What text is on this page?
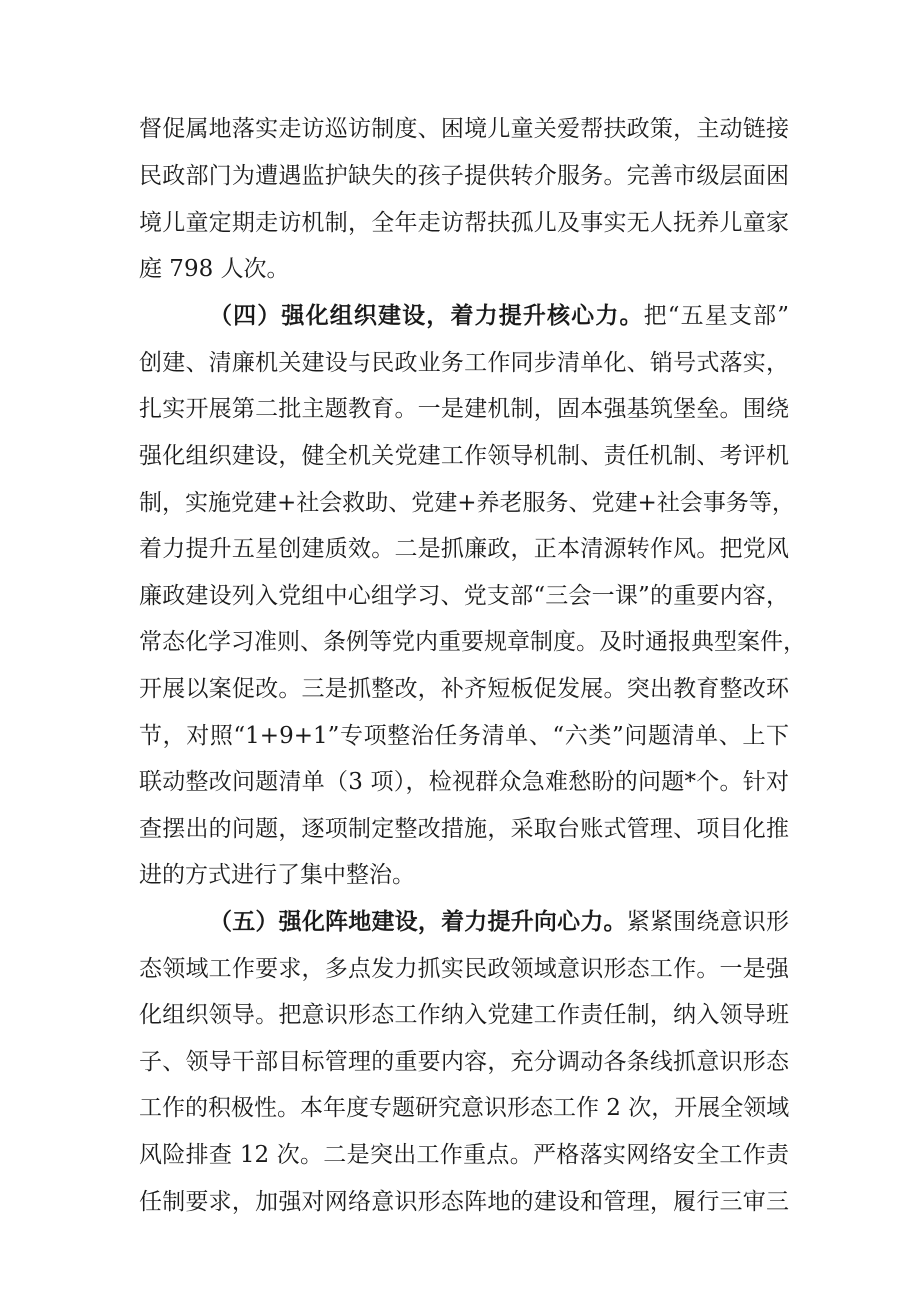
督促属地落实走访巡访制度、困境儿童关爱帮扶政策，主动链接
民政部门为遭遇监护缺失的孩子提供转介服务。完善市级层面困
境儿童定期走访机制，全年走访帮扶孤儿及事实无人抚养儿童家
庭 798 人次。
（四）强化组织建设，着力提升核心力。把“五星支部”
创建、清廉机关建设与民政业务工作同步清单化、销号式落实，
扎实开展第二批主题教育。一是建机制，固本强基筑堡垒。围绕
强化组织建设，健全机关党建工作领导机制、责任机制、考评机
制，实施党建+社会救助、党建+养老服务、党建+社会事务等，
着力提升五星创建质效。二是抓廉政，正本清源转作风。把党风
廉政建设列入党组中心组学习、党支部“三会一课”的重要内容，
常态化学习准则、条例等党内重要规章制度。及时通报典型案件，
开展以案促改。三是抓整改，补齐短板促发展。突出教育整改环
节，对照“1+9+1”专项整治任务清单、“六类”问题清单、上下
联动整改问题清单（3 项），检视群众急难愁盼的问题*个。针对
查摆出的问题，逐项制定整改措施，采取台账式管理、项目化推
进的方式进行了集中整治。
（五）强化阵地建设，着力提升向心力。紧紧围绕意识形
态领域工作要求，多点发力抓实民政领域意识形态工作。一是强
化组织领导。把意识形态工作纳入党建工作责任制，纳入领导班
子、领导干部目标管理的重要内容，充分调动各条线抓意识形态
工作的积极性。本年度专题研究意识形态工作 2 次，开展全领域
风险排查 12 次。二是突出工作重点。严格落实网络安全工作责
任制要求，加强对网络意识形态阵地的建设和管理，履行三审三
